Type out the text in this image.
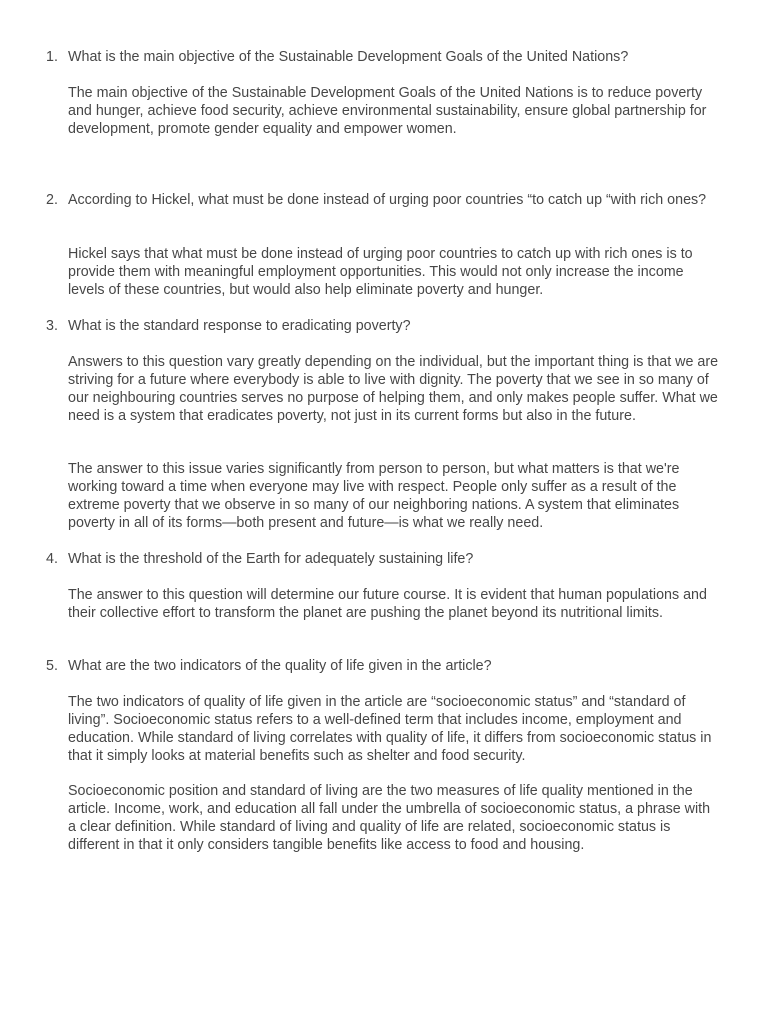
1. What is the main objective of the Sustainable Development Goals of the United Nations?

The main objective of the Sustainable Development Goals of the United Nations is to reduce poverty and hunger, achieve food security, achieve environmental sustainability, ensure global partnership for development, promote gender equality and empower women.

2. According to Hickel, what must be done instead of urging poor countries “to catch up “with rich ones?

Hickel says that what must be done instead of urging poor countries to catch up with rich ones is to provide them with meaningful employment opportunities. This would not only increase the income levels of these countries, but would also help eliminate poverty and hunger.

3. What is the standard response to eradicating poverty?

Answers to this question vary greatly depending on the individual, but the important thing is that we are striving for a future where everybody is able to live with dignity. The poverty that we see in so many of our neighbouring countries serves no purpose of helping them, and only makes people suffer. What we need is a system that eradicates poverty, not just in its current forms but also in the future.

The answer to this issue varies significantly from person to person, but what matters is that we're working toward a time when everyone may live with respect. People only suffer as a result of the extreme poverty that we observe in so many of our neighboring nations. A system that eliminates poverty in all of its forms—both present and future—is what we really need.

4. What is the threshold of the Earth for adequately sustaining life?

The answer to this question will determine our future course. It is evident that human populations and their collective effort to transform the planet are pushing the planet beyond its nutritional limits.

5. What are the two indicators of the quality of life given in the article?

The two indicators of quality of life given in the article are “socioeconomic status” and “standard of living”. Socioeconomic status refers to a well-defined term that includes income, employment and education. While standard of living correlates with quality of life, it differs from socioeconomic status in that it simply looks at material benefits such as shelter and food security.

Socioeconomic position and standard of living are the two measures of life quality mentioned in the article. Income, work, and education all fall under the umbrella of socioeconomic status, a phrase with a clear definition. While standard of living and quality of life are related, socioeconomic status is different in that it only considers tangible benefits like access to food and housing.
